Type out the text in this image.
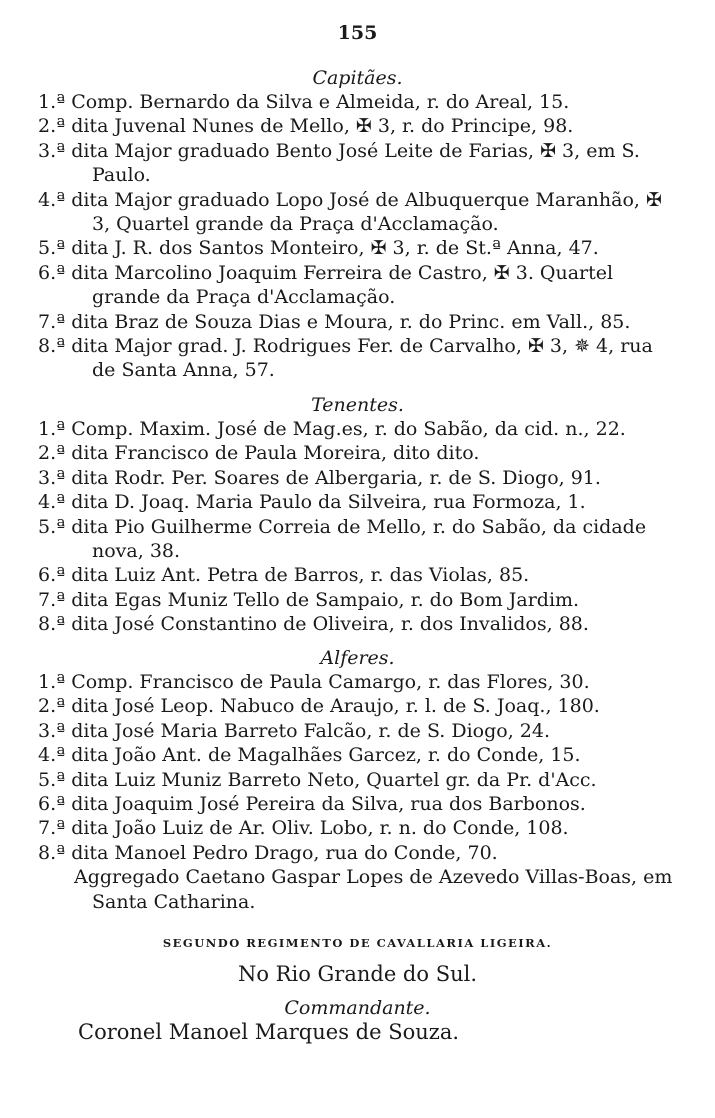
155
Capitães.

1.ª Comp. Bernardo da Silva e Almeida, r. do Areal, 15.

2.ª dita Juvenal Nunes de Mello, ✠ 3, r. do Principe, 98.

3.ª dita Major graduado Bento José Leite de Farias, ✠ 3, em S. Paulo.

4.ª dita Major graduado Lopo José de Albuquerque Maranhão, ✠ 3, Quartel grande da Praça d'Acclamação.

5.ª dita J. R. dos Santos Monteiro, ✠ 3, r. de St.ª Anna, 47.

6.ª dita Marcolino Joaquim Ferreira de Castro, ✠ 3. Quartel grande da Praça d'Acclamação.

7.ª dita Braz de Souza Dias e Moura, r. do Princ. em Vall., 85.

8.ª dita Major grad. J. Rodrigues Fer. de Carvalho, ✠ 3, ✵ 4, rua de Santa Anna, 57.

Tenentes.

1.ª Comp. Maxim. José de Mag.es, r. do Sabão, da cid. n., 22.

2.ª dita Francisco de Paula Moreira, dito dito.

3.ª dita Rodr. Per. Soares de Albergaria, r. de S. Diogo, 91.

4.ª dita D. Joaq. Maria Paulo da Silveira, rua Formoza, 1.

5.ª dita Pio Guilherme Correia de Mello, r. do Sabão, da cidade nova, 38.

6.ª dita Luiz Ant. Petra de Barros, r. das Violas, 85.

7.ª dita Egas Muniz Tello de Sampaio, r. do Bom Jardim.

8.ª dita José Constantino de Oliveira, r. dos Invalidos, 88.

Alferes.

1.ª Comp. Francisco de Paula Camargo, r. das Flores, 30.

2.ª dita José Leop. Nabuco de Araujo, r. l. de S. Joaq., 180.

3.ª dita José Maria Barreto Falcão, r. de S. Diogo, 24.

4.ª dita João Ant. de Magalhães Garcez, r. do Conde, 15.

5.ª dita Luiz Muniz Barreto Neto, Quartel gr. da Pr. d'Acc.

6.ª dita Joaquim José Pereira da Silva, rua dos Barbonos.

7.ª dita João Luiz de Ar. Oliv. Lobo, r. n. do Conde, 108.

8.ª dita Manoel Pedro Drago, rua do Conde, 70.

Aggregado Caetano Gaspar Lopes de Azevedo Villas-Boas, em Santa Catharina.
SEGUNDO REGIMENTO DE CAVALLARIA LIGEIRA.
No Rio Grande do Sul.
Commandante.
Coronel Manoel Marques de Souza.
